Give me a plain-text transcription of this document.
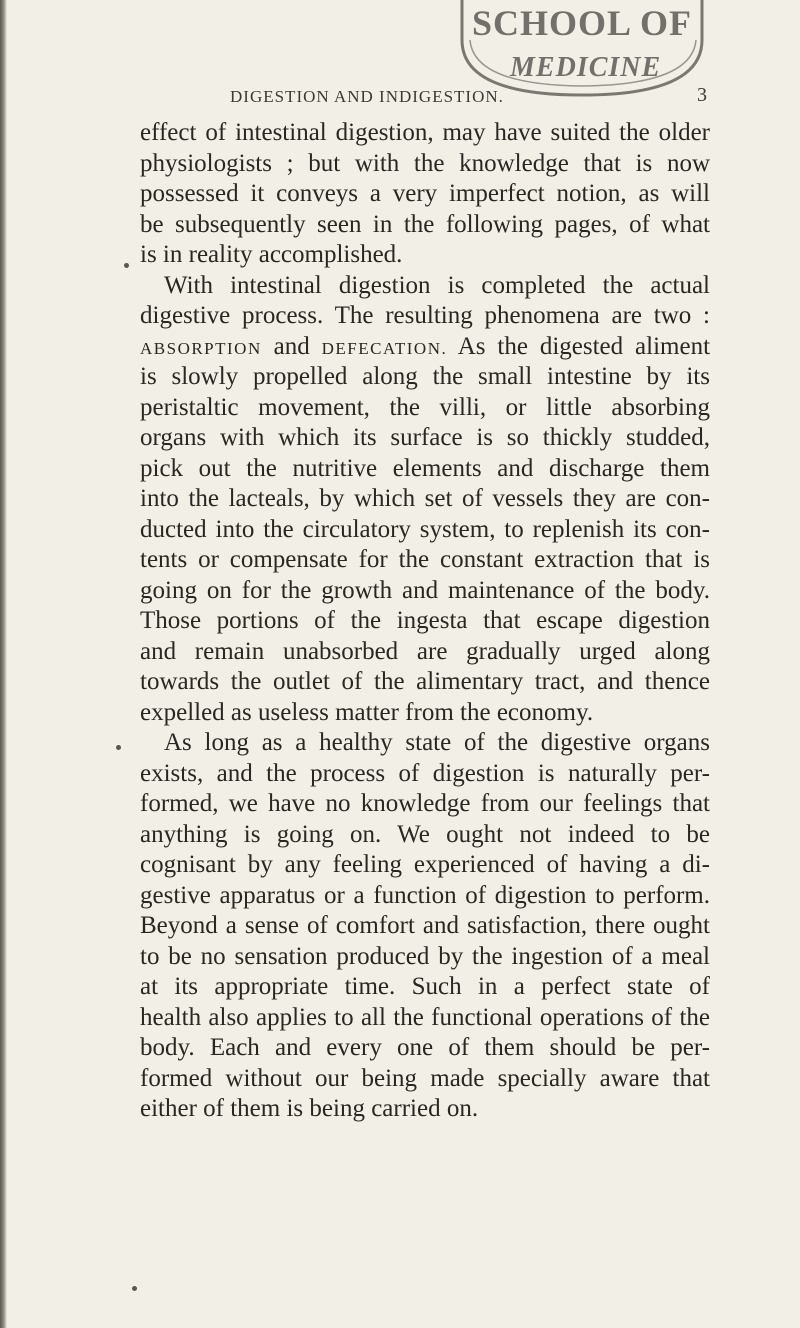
SCHOOL OF
MEDICINE
DIGESTION AND INDIGESTION.	3
effect of intestinal digestion, may have suited the older
physiologists ; but with the knowledge that is now
possessed it conveys a very imperfect notion, as will
be subsequently seen in the following pages, of what
is in reality accomplished.
With intestinal digestion is completed the actual
digestive process. The resulting phenomena are two :
ABSORPTION and DEFECATION. As the digested aliment
is slowly propelled along the small intestine by its
peristaltic movement, the villi, or little absorbing
organs with which its surface is so thickly studded,
pick out the nutritive elements and discharge them
into the lacteals, by which set of vessels they are con-
ducted into the circulatory system, to replenish its con-
tents or compensate for the constant extraction that is
going on for the growth and maintenance of the body.
Those portions of the ingesta that escape digestion
and remain unabsorbed are gradually urged along
towards the outlet of the alimentary tract, and thence
expelled as useless matter from the economy.
As long as a healthy state of the digestive organs
exists, and the process of digestion is naturally per-
formed, we have no knowledge from our feelings that
anything is going on. We ought not indeed to be
cognisant by any feeling experienced of having a di-
gestive apparatus or a function of digestion to perform.
Beyond a sense of comfort and satisfaction, there ought
to be no sensation produced by the ingestion of a meal
at its appropriate time. Such in a perfect state of
health also applies to all the functional operations of the
body. Each and every one of them should be per-
formed without our being made specially aware that
either of them is being carried on.
